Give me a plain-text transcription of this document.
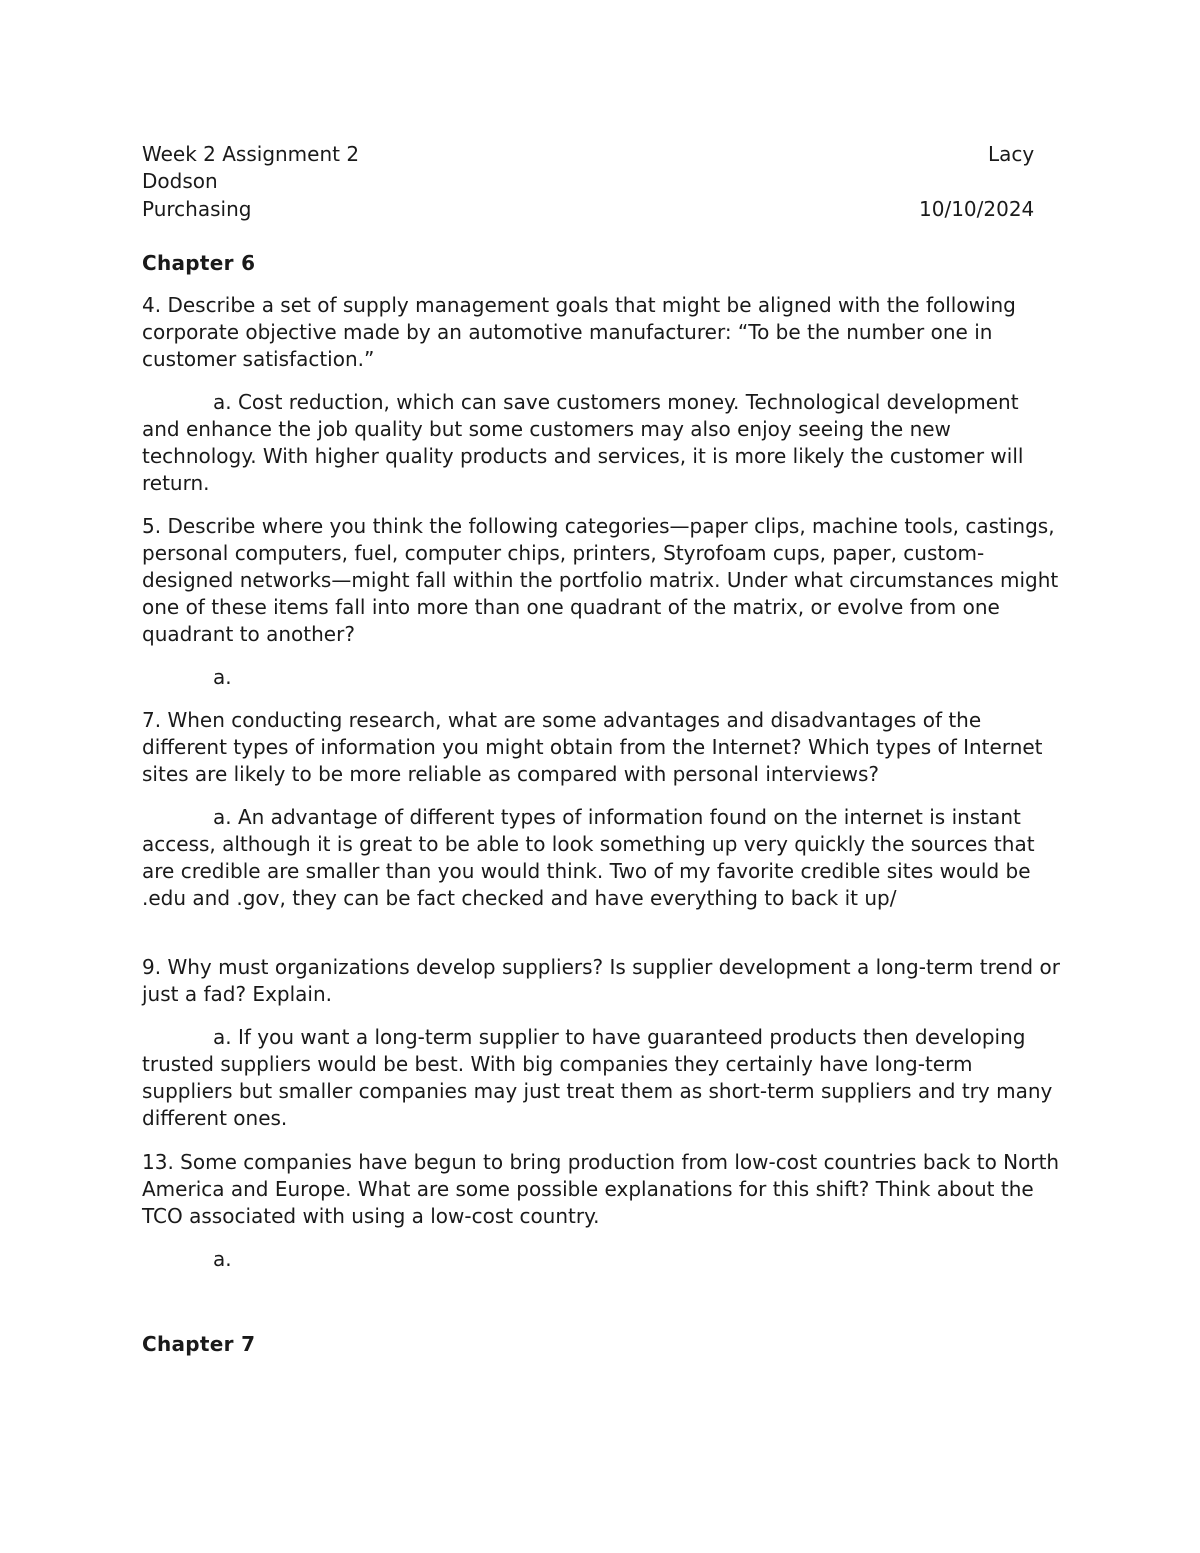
Week 2 Assignment 2	Lacy
Dodson
Purchasing	10/10/2024
Chapter 6

4. Describe a set of supply management goals that might be aligned with the following corporate objective made by an automotive manufacturer: “To be the number one in customer satisfaction.”

a. Cost reduction, which can save customers money. Technological development and enhance the job quality but some customers may also enjoy seeing the new technology. With higher quality products and services, it is more likely the customer will return.

5. Describe where you think the following categories—paper clips, machine tools, castings, personal computers, fuel, computer chips, printers, Styrofoam cups, paper, custom-designed networks—might fall within the portfolio matrix. Under what circumstances might one of these items fall into more than one quadrant of the matrix, or evolve from one quadrant to another?

a.

7. When conducting research, what are some advantages and disadvantages of the different types of information you might obtain from the Internet? Which types of Internet sites are likely to be more reliable as compared with personal interviews?

a. An advantage of different types of information found on the internet is instant access, although it is great to be able to look something up very quickly the sources that are credible are smaller than you would think. Two of my favorite credible sites would be .edu and .gov, they can be fact checked and have everything to back it up/

9. Why must organizations develop suppliers? Is supplier development a long-term trend or just a fad? Explain.

a. If you want a long-term supplier to have guaranteed products then developing trusted suppliers would be best. With big companies they certainly have long-term suppliers but smaller companies may just treat them as short-term suppliers and try many different ones.

13. Some companies have begun to bring production from low-cost countries back to North America and Europe. What are some possible explanations for this shift? Think about the TCO associated with using a low-cost country.

a.

Chapter 7
